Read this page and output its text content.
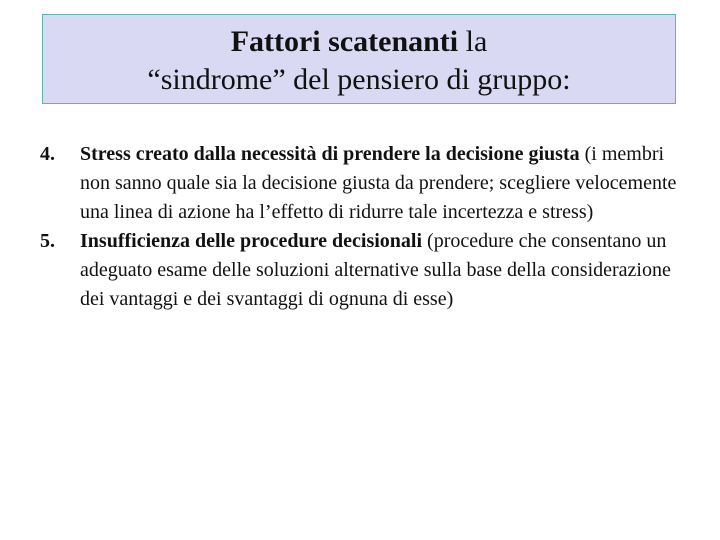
Fattori scatenanti la
“sindrome” del pensiero di gruppo:
4. Stress creato dalla necessità di prendere la decisione giusta (i membri non sanno quale sia la decisione giusta da prendere; scegliere velocemente una linea di azione ha l’effetto di ridurre tale incertezza e stress)
5. Insufficienza delle procedure decisionali (procedure che consentano un adeguato esame delle soluzioni alternative sulla base della considerazione dei vantaggi e dei svantaggi di ognuna di esse)
